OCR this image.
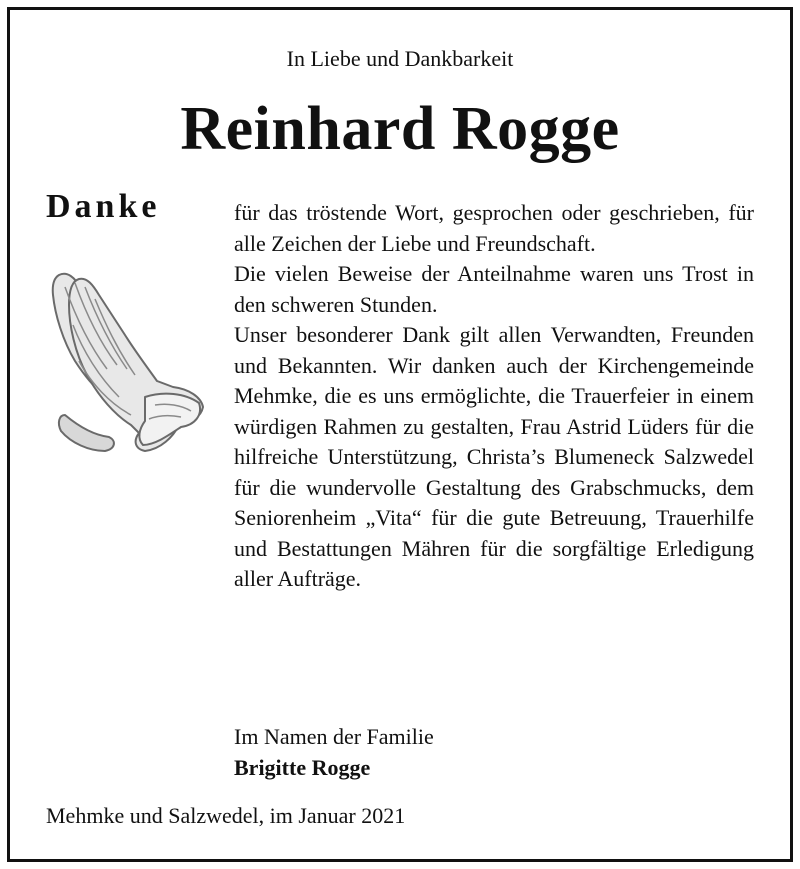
In Liebe und Dankbarkeit
Reinhard Rogge
Danke	für das tröstende Wort, gesprochen oder geschrieben, für alle Zeichen der Liebe und Freundschaft.

Die vielen Beweise der Anteilnahme waren uns Trost in den schweren Stunden.

Unser besonderer Dank gilt allen Verwandten, Freunden und Bekannten. Wir danken auch der Kirchengemeinde Mehmke, die es uns ermöglichte, die Trauerfeier in einem würdigen Rahmen zu gestalten, Frau Astrid Lüders für die hilfreiche Unterstützung, Christa’s Blumeneck Salzwedel für die wundervolle Gestaltung des Grabschmucks, dem Seniorenheim „Vita“ für die gute Betreuung, Trauerhilfe und Bestattungen Mähren für die sorgfältige Erledigung aller Aufträge.

Im Namen der Familie
Brigitte Rogge
Mehmke und Salzwedel, im Januar 2021
